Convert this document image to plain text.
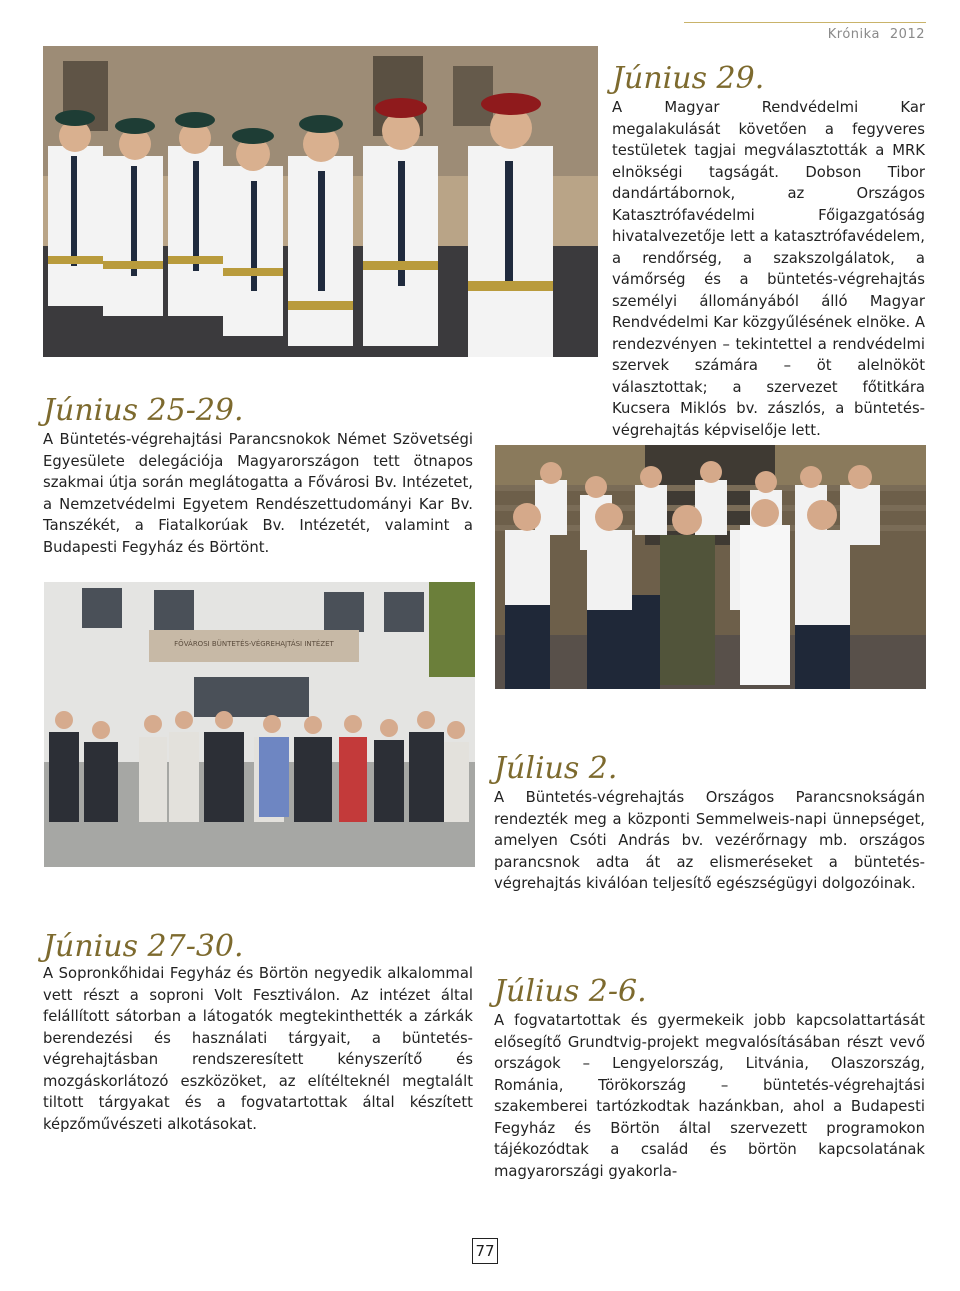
Krónika 2012
FŐVÁROSI BÜNTETÉS-VÉGREHAJTÁSI INTÉZET
Június 29.

A Magyar Rendvédelmi Kar megalakulását követően a fegyveres testületek tagjai megválasztották a MRK elnökségi tagságát. Dobson Tibor dandártábornok, az Országos Katasztrófavédelmi Főigazgatóság hivatalvezetője lett a katasztrófavédelem, a rendőrség, a szakszolgálatok, a vámőrség és a büntetés-végrehajtás személyi állományából álló Magyar Rendvédelmi Kar közgyűlésének elnöke. A rendezvényen – tekintettel a rendvédelmi szervek számára – öt alelnököt választottak; a szervezet főtitkára Kucsera Miklós bv. zászlós, a büntetés-végrehajtás képviselője lett.

Június 25-29.

A Büntetés-végrehajtási Parancsnokok Német Szövetségi Egyesülete delegációja Magyarországon tett ötnapos szakmai útja során meglátogatta a Fővárosi Bv. Intézetet, a Nemzetvédelmi Egyetem Rendészettudományi Kar Bv. Tanszékét, a Fiatalkorúak Bv. Intézetét, valamint a Budapesti Fegyház és Börtönt.

Július 2.

A Büntetés-végrehajtás Országos Parancsnokságán rendezték meg a központi Semmelweis-napi ünnepséget, amelyen Csóti András bv. vezérőrnagy mb. országos parancsnok adta át az elismeréseket a büntetés-végrehajtás kiválóan teljesítő egészségügyi dolgozóinak.

Június 27-30.

A Sopronkőhidai Fegyház és Börtön negyedik alkalommal vett részt a soproni Volt Fesztiválon. Az intézet által felállított sátorban a látogatók megtekinthették a zárkák berendezési és használati tárgyait, a büntetés-végrehajtásban rendszeresített kényszerítő és mozgáskorlátozó eszközöket, az elítélteknél megtalált tiltott tárgyakat és a fogvatartottak által készített képzőművészeti alkotásokat.

Július 2-6.

A fogvatartottak és gyermekeik jobb kapcsolattartását elősegítő Grundtvig-projekt megvalósításában részt vevő országok – Lengyelország, Litvánia, Olaszország, Románia, Törökország – büntetés-végrehajtási szakemberei tartózkodtak hazánkban, ahol a Budapesti Fegyház és Börtön által szervezett programokon tájékozódtak a család és börtön kapcsolatának magyarországi gyakorla-

77
